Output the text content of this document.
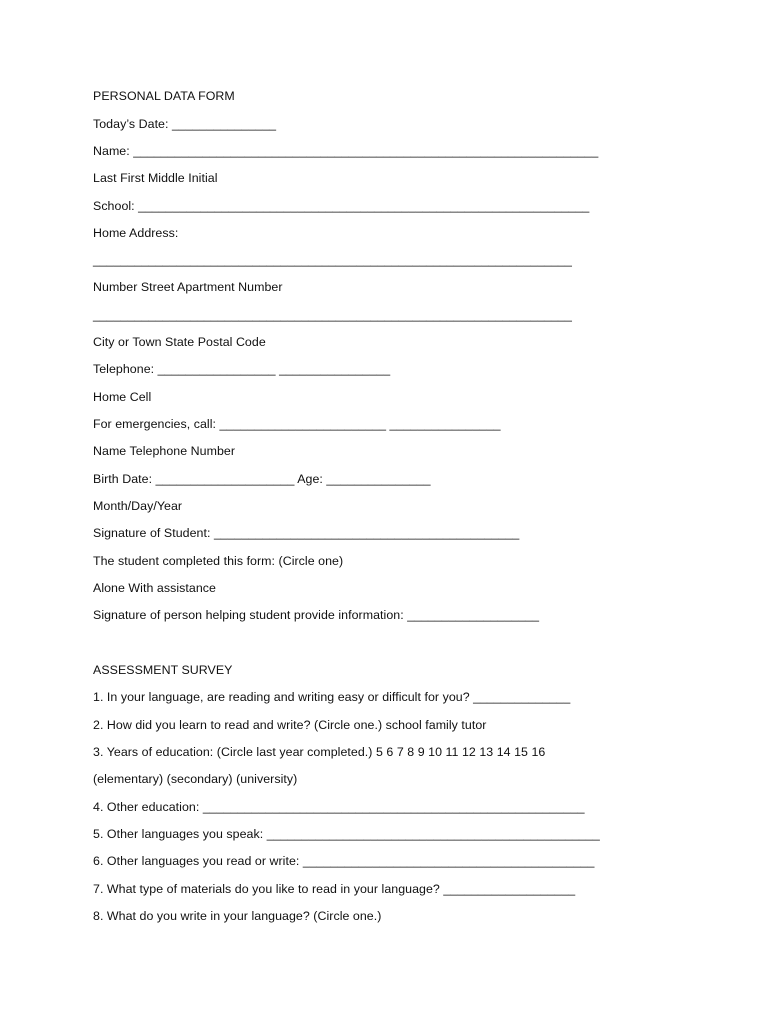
PERSONAL DATA FORM
Today’s Date: _______________
Name: ___________________________________________________________________
Last First Middle Initial
School: _________________________________________________________________
Home Address:
_____________________________________________________________________
Number Street Apartment Number
_____________________________________________________________________
City or Town State Postal Code
Telephone: _________________ ________________
Home Cell
For emergencies, call: ________________________ ________________
Name Telephone Number
Birth Date: ____________________ Age: _______________
Month/Day/Year
Signature of Student: ____________________________________________
The student completed this form: (Circle one)
Alone With assistance
Signature of person helping student provide information: ___________________
ASSESSMENT SURVEY
1. In your language, are reading and writing easy or difficult for you? ______________
2. How did you learn to read and write? (Circle one.) school family tutor
3. Years of education: (Circle last year completed.) 5 6 7 8 9 10 11 12 13 14 15 16
(elementary) (secondary) (university)
4. Other education: _______________________________________________________
5. Other languages you speak: ________________________________________________
6. Other languages you read or write: __________________________________________
7. What type of materials do you like to read in your language? ___________________
8. What do you write in your language? (Circle one.)
